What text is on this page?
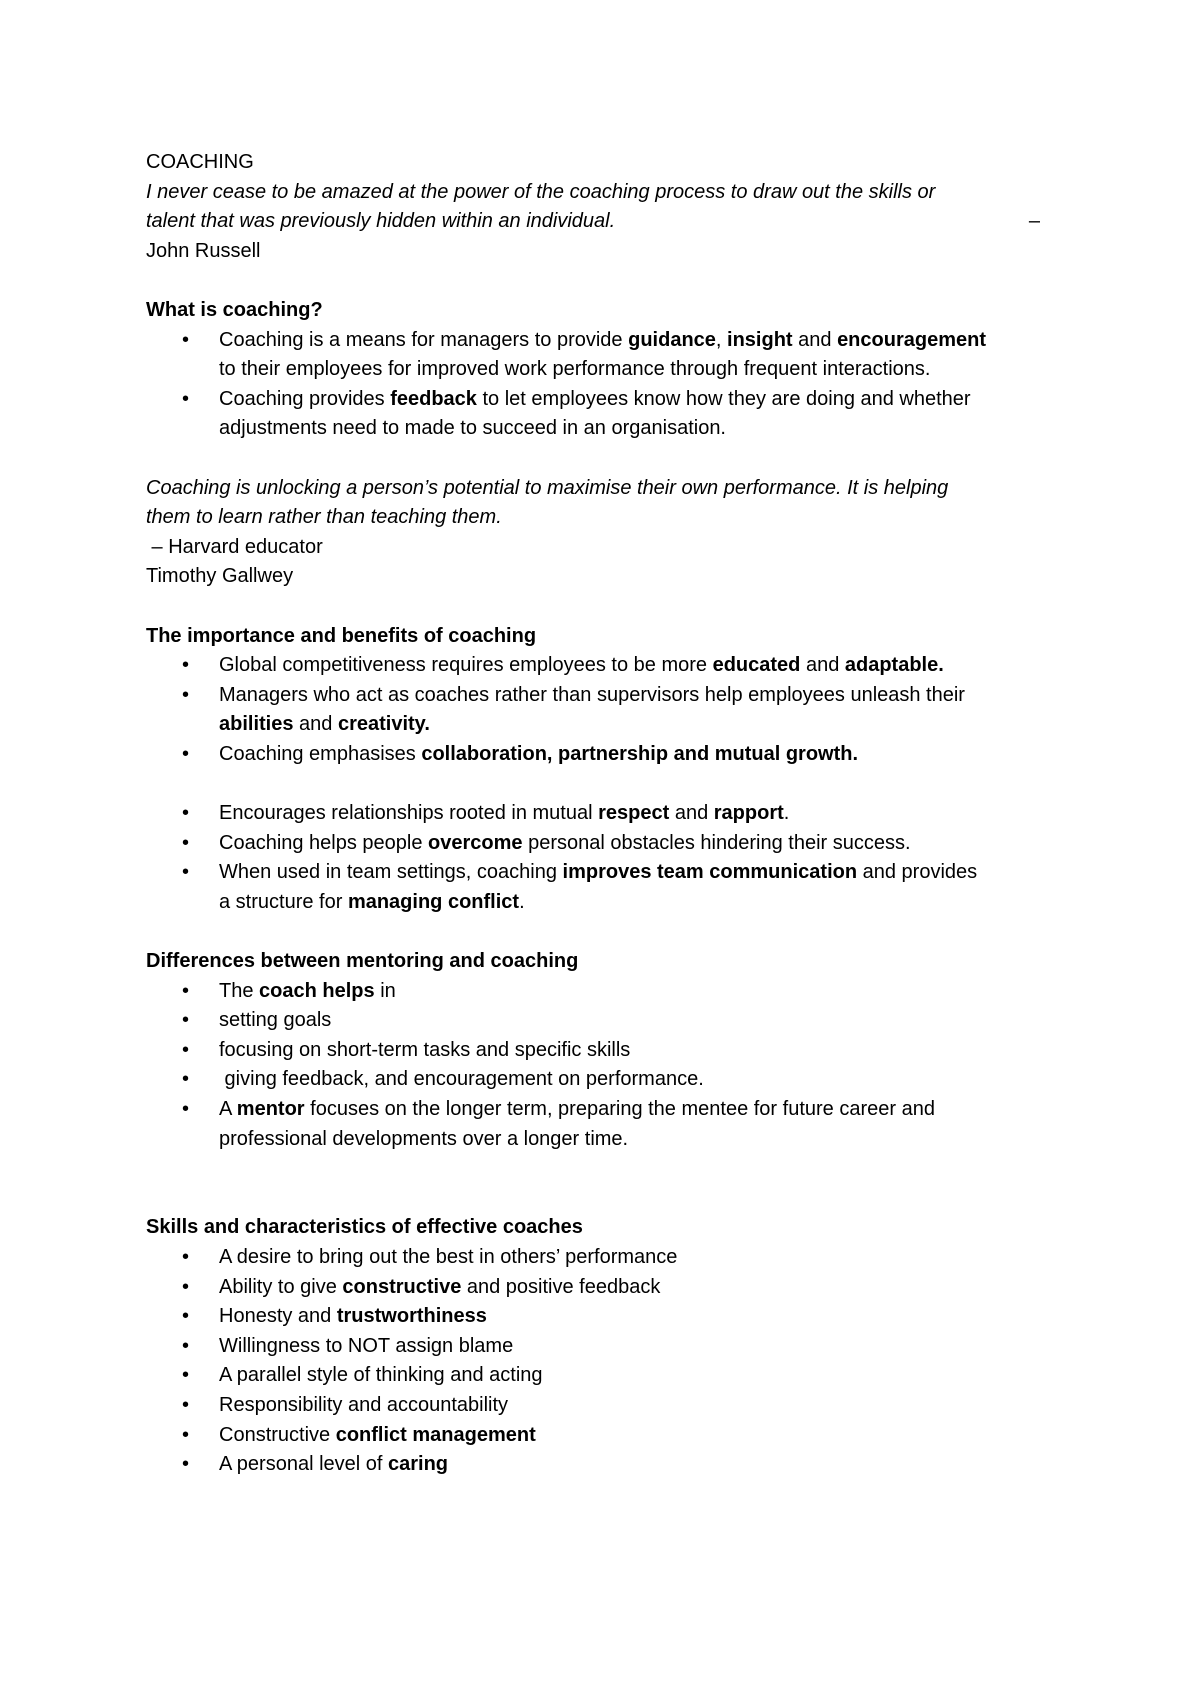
COACHING

I never cease to be amazed at the power of the coaching process to draw out the skills or

talent that was previously hidden within an individual.	–

John Russell

What is coaching?

• Coaching is a means for managers to provide guidance, insight and encouragement
to their employees for improved work performance through frequent interactions.
• Coaching provides feedback to let employees know how they are doing and whether
adjustments need to made to succeed in an organisation.

Coaching is unlocking a person’s potential to maximise their own performance. It is helping

them to learn rather than teaching them.

– Harvard educator

Timothy Gallwey

The importance and benefits of coaching

• Global competitiveness requires employees to be more educated and adaptable.
• Managers who act as coaches rather than supervisors help employees unleash their
abilities and creativity.
• Coaching emphasises collaboration, partnership and mutual growth.
• Encourages relationships rooted in mutual respect and rapport.
• Coaching helps people overcome personal obstacles hindering their success.
• When used in team settings, coaching improves team communication and provides
a structure for managing conflict.

Differences between mentoring and coaching

• The coach helps in
• setting goals
• focusing on short-term tasks and specific skills
• giving feedback, and encouragement on performance.
• A mentor focuses on the longer term, preparing the mentee for future career and
professional developments over a longer time.

Skills and characteristics of effective coaches

• A desire to bring out the best in others’ performance
• Ability to give constructive and positive feedback
• Honesty and trustworthiness
• Willingness to NOT assign blame
• A parallel style of thinking and acting
• Responsibility and accountability
• Constructive conflict management
• A personal level of caring
